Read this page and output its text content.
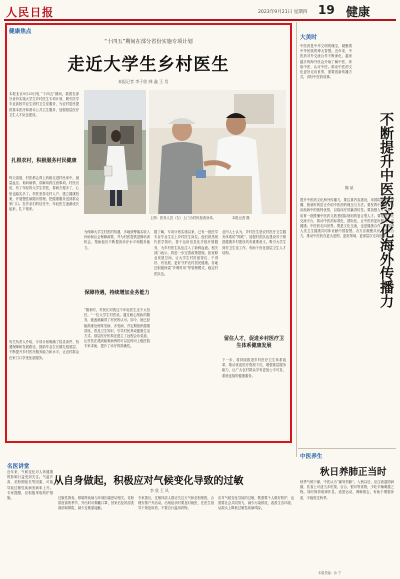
人民日报	2023年9月21日 星期四 19 健康
健康焦点
“十四五”期间在部分省份实施专项计划
走近大学生乡村医生
本报记者 李子欣 韩 鑫 王 昊
本报北京9月20日电 “十四五”期间，我国在部分省份实施大学生乡村医生专项计划，吸引医学专业高校毕业生到村卫生室服务，为农村居民提供基本医疗和基本公共卫生服务，加强基层医疗卫生人才队伍建设。
扎根农村，积极服务村民健康
每天清晨，村医都会背上药箱走进村民家中，测量血压、询问病情、讲解用药注意事项。村民们说，有了年轻的大学生村医，看病方便多了，心里也踏实多了。村医坚持走村入户，建立健康档案，开展慢性病随访管理，把健康服务送到群众家门口。在乡亲们的信任中，年轻医生逐渐成长起来，扎下根来。
有关负责人介绍，专项计划明确了招录条件、待遇保障和发展路径，鼓励毕业生长期扎根基层，不断提升乡村医疗服务能力和水平，让农村群众在家门口享受优质服务。
上图：医务人员（左）上门为村民检查身体。	本报记者 摄
为保障大学生村医的待遇，多地统筹落实收入补助和社会保障政策，并为村医提供进修培训机会，帮助他们不断提高诊疗水平和服务能力。
保障待遇，持续增加业务能力
“刚来时，村民们对我这个年轻医生还不太信任。”一位大学生村医说。通过耐心细致的服务，她逐渐赢得了村民的认可。如今，她已经能熟练处理常见病、多发病，并定期组织健康讲座，普及卫生知识，引导村民养成健康生活方式。基层医疗机构还建立了远程会诊渠道，让村医在遇到疑难病例时可以及时向上级医院专家求助，提升了诊疗的准确性。
据了解，专项计划实施以来，已有一批医学专业毕业生走上乡村医生岗位。他们熟悉现代医学知识，善于运用信息化手段开展服务，为乡村医生队伍注入了新鲜血液。相关部门表示，将进一步完善政策措施，拓宽职业发展空间，让大学生村医留得住、干得好、有发展，更好守护农村居民健康。各地还积极探索“乡聘村用”等管理模式，稳定村医队伍。
留住人才，促进乡村医疗卫生体系健康发展
业内人士认为，乡村医生是农村医疗卫生服务体系的“网底”，加强村医队伍建设对于推进健康乡村建设具有重要意义。吸引大学生到村卫生室工作，有助于优化基层卫生人才结构。
下一步，将持续推进乡村医疗卫生体系改革，推动优质医疗资源下沉，增强基层服务能力，让广大农村群众享有更加公平可及、系统连续的健康服务。
大美时
中医药是中华文明的瑰宝，凝聚着中华民族的博大智慧。近年来，中医药对外交流合作不断深化，越来越多的海外民众开始了解中医、体验中医、认可中医。推动中医药文化更好走向世界，需要创新传播方式，讲好中医药故事。
不断提升中医药文化海外传播力
魏 斌
提升中医药文化海外传播力，要注重内容建设，用国际社会听得懂、愿意听的语言介绍中医药的理念与方法。要发挥中医药在防治疾病中的独特优势，以临床疗效赢得信任。要加强人才培养，培育一批既懂中医药又熟悉国际规则的复合型人才。要搭建多元交流平台，推动中医药标准化、国际化，让中医药更好服务人类健康。中医药走向世界，既是文化交流，也是健康合作，为构建人类卫生健康共同体贡献中国智慧。各方应凝聚共识，形成合力，推动中医药在更大范围、更宽领域、更深层次走向世界。
中医养生
秋日养肺正当时
秋季气候干燥，中医认为“燥易伤肺”。入秋以后，应注意滋阴润肺，饮食上可适当多吃梨、百合、银耳等食物，少吃辛辣刺激之物。同时保持规律作息，适度运动，调畅情志，有助于增强体质，平稳度过秋季。
名医讲堂
从自身做起，积极应对气候变化导致的过敏
李 欣 王 风
近年来，气候变化对人体健康的影响日益受到关注。气温升高、花粉期延长等因素，可能导致过敏性疾病发病率上升。专家提醒，应积极采取防护措施。	过敏性鼻炎、哮喘等疾病与环境因素密切相关。花粉浓度高的季节，外出时可佩戴口罩，回家后及时清洗面部和鼻腔，减少过敏原接触。
专家建议，过敏体质人群应关注天气和花粉预报，合理安排户外活动。出现症状时要及时就医，在医生指导下规范用药，不要自行滥用药物。
应对气候变化导致的过敏，既需要个人做好防护，也需要社会共同努力，减少污染排放，改善生态环境，从源头上降低过敏性疾病风险。
本版责编：孙 宁
